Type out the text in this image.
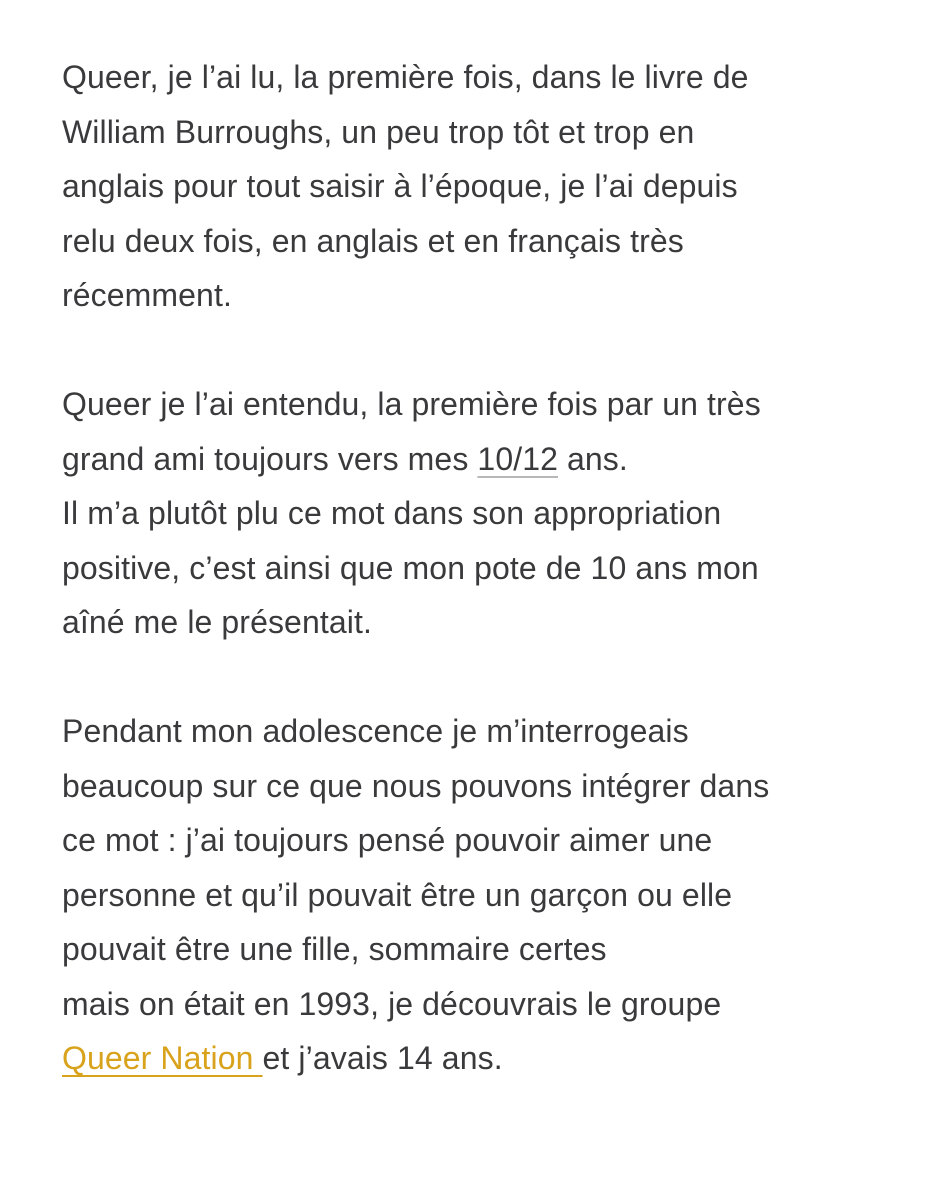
Queer, je l’ai lu, la première fois, dans le livre de
William Burroughs, un peu trop tôt et trop en
anglais pour tout saisir à l’époque, je l’ai depuis
relu deux fois, en anglais et en français très
récemment.

Queer je l’ai entendu, la première fois par un très
grand ami toujours vers mes 10/12 ans.
Il m’a plutôt plu ce mot dans son appropriation
positive, c’est ainsi que mon pote de 10 ans mon
aîné me le présentait.

Pendant mon adolescence je m’interrogeais
beaucoup sur ce que nous pouvons intégrer dans
ce mot : j’ai toujours pensé pouvoir aimer une
personne et qu’il pouvait être un garçon ou elle
pouvait être une fille, sommaire certes
mais on était en 1993, je découvrais le groupe
Queer Nation et j’avais 14 ans.
